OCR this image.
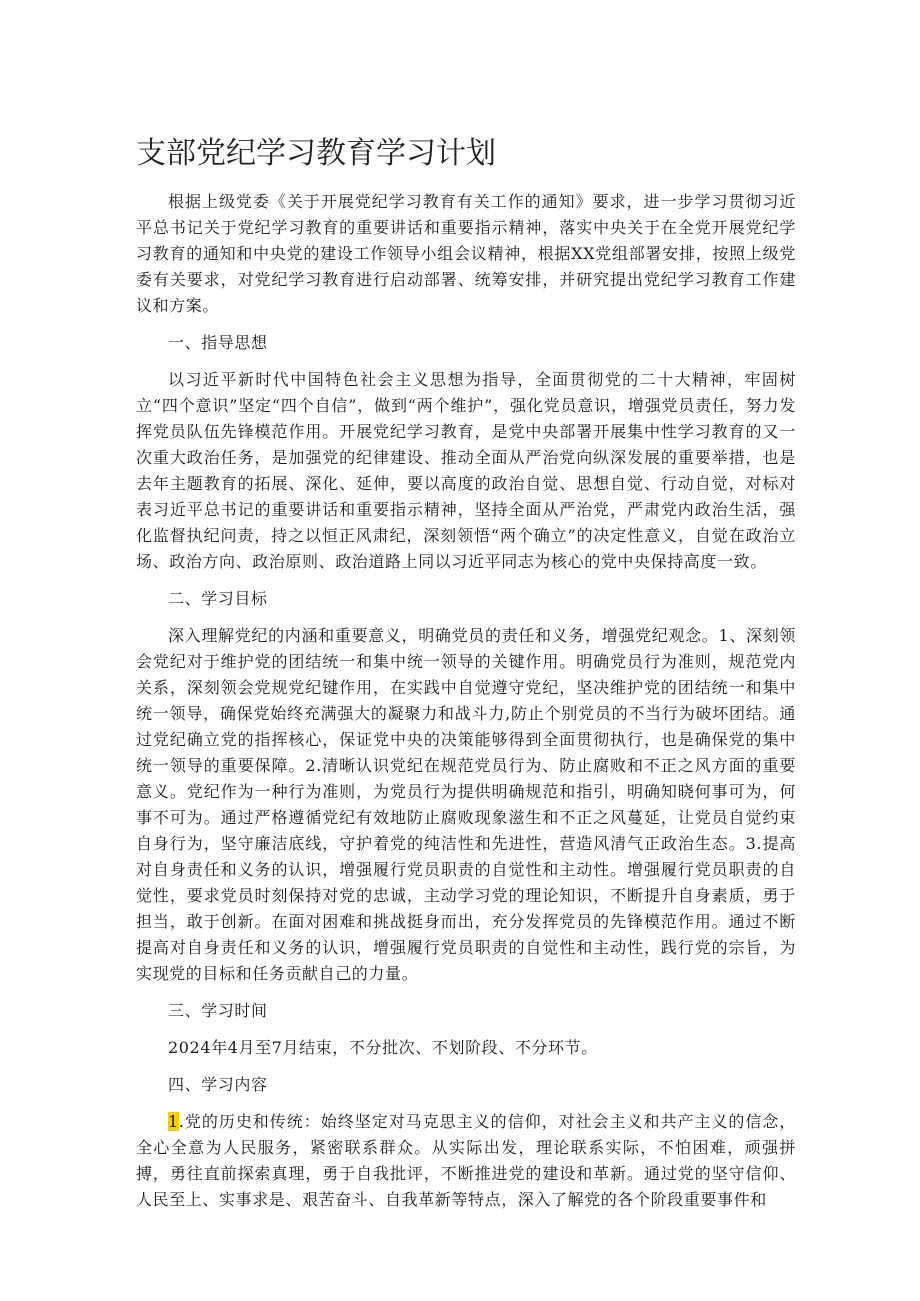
支部党纪学习教育学习计划

根据上级党委《关于开展党纪学习教育有关工作的通知》要求，进一步学习贯彻习近平总书记关于党纪学习教育的重要讲话和重要指示精神，落实中央关于在全党开展党纪学习教育的通知和中央党的建设工作领导小组会议精神，根据XX党组部署安排，按照上级党委有关要求，对党纪学习教育进行启动部署、统筹安排，并研究提出党纪学习教育工作建议和方案。

一、指导思想

以习近平新时代中国特色社会主义思想为指导，全面贯彻党的二十大精神，牢固树立“四个意识”坚定“四个自信”，做到“两个维护”，强化党员意识，增强党员责任，努力发挥党员队伍先锋模范作用。开展党纪学习教育，是党中央部署开展集中性学习教育的又一次重大政治任务，是加强党的纪律建设、推动全面从严治党向纵深发展的重要举措，也是去年主题教育的拓展、深化、延伸，要以高度的政治自觉、思想自觉、行动自觉，对标对表习近平总书记的重要讲话和重要指示精神，坚持全面从严治党，严肃党内政治生活，强化监督执纪问责，持之以恒正风肃纪，深刻领悟“两个确立”的决定性意义，自觉在政治立场、政治方向、政治原则、政治道路上同以习近平同志为核心的党中央保持高度一致。

二、学习目标

深入理解党纪的内涵和重要意义，明确党员的责任和义务，增强党纪观念。1、深刻领会党纪对于维护党的团结统一和集中统一领导的关键作用。明确党员行为准则，规范党内关系，深刻领会党规党纪键作用，在实践中自觉遵守党纪，坚决维护党的团结统一和集中统一领导，确保党始终充满强大的凝聚力和战斗力,防止个别党员的不当行为破坏团结。通过党纪确立党的指挥核心，保证党中央的决策能够得到全面贯彻执行，也是确保党的集中统一领导的重要保障。2.清晰认识党纪在规范党员行为、防止腐败和不正之风方面的重要意义。党纪作为一种行为准则，为党员行为提供明确规范和指引，明确知晓何事可为，何事不可为。通过严格遵循党纪有效地防止腐败现象滋生和不正之风蔓延，让党员自觉约束自身行为，坚守廉洁底线，守护着党的纯洁性和先进性，营造风清气正政治生态。3.提高对自身责任和义务的认识，增强履行党员职责的自觉性和主动性。增强履行党员职责的自觉性，要求党员时刻保持对党的忠诚，主动学习党的理论知识，不断提升自身素质，勇于担当，敢于创新。在面对困难和挑战挺身而出，充分发挥党员的先锋模范作用。通过不断提高对自身责任和义务的认识，增强履行党员职责的自觉性和主动性，践行党的宗旨，为实现党的目标和任务贡献自己的力量。

三、学习时间

2024年4月至7月结束，不分批次、不划阶段、不分环节。

四、学习内容

1.党的历史和传统：始终坚定对马克思主义的信仰，对社会主义和共产主义的信念，全心全意为人民服务，紧密联系群众。从实际出发，理论联系实际，不怕困难，顽强拼搏，勇往直前探索真理，勇于自我批评，不断推进党的建设和革新。通过党的坚守信仰、人民至上、实事求是、艰苦奋斗、自我革新等特点，深入了解党的各个阶段重要事件和
